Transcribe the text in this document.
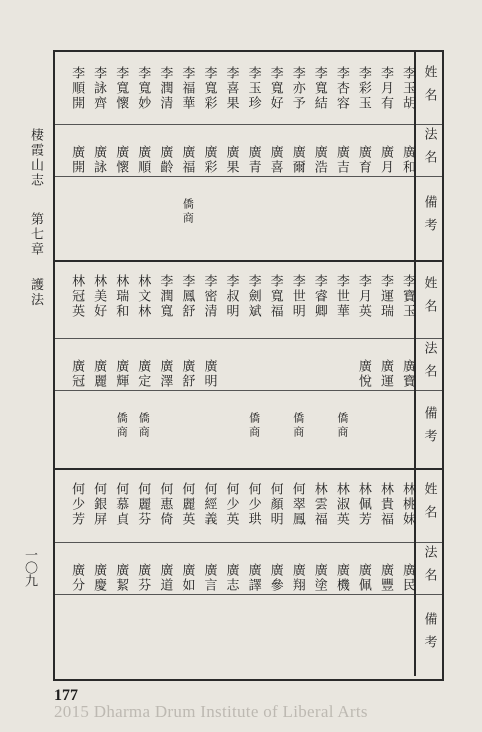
棲霞山志  第七章  護法
一〇九
姓名
法名
備考
李玉胡
廣和
李月有
廣月
李彩玉
廣育
李杏容
廣吉
李寬結
廣浩
李亦予
廣爾
李寬好
廣喜
李玉珍
廣青
李喜果
廣果
李寬彩
廣彩
李福華
廣福
僑商
李潤清
廣齡
李寬妙
廣順
李寬懷
廣懷
李詠齊
廣詠
李順開
廣開
姓名
法名
備考
李寶玉
廣寶
李運瑞
廣運
李月英
廣悅
李世華
僑商
李睿卿
李世明
僑商
李寬福
李劍斌
僑商
李叔明
李密清
廣明
李鳳舒
廣舒
李潤寬
廣澤
林文林
廣定
僑商
林瑞和
廣輝
僑商
林美好
廣麗
林冠英
廣冠
姓名
法名
備考
林桃妹
廣民
林貴福
廣豐
林佩芳
廣佩
林淑英
廣機
林雲福
廣塗
何翠鳳
廣翔
何顏明
廣參
何少珙
廣譯
何少英
廣志
何經義
廣言
何麗英
廣如
何惠倚
廣道
何麗芬
廣芬
何慕貞
廣絜
何銀屏
廣慶
何少芳
廣分
177
2015 Dharma Drum Institute of Liberal Arts
